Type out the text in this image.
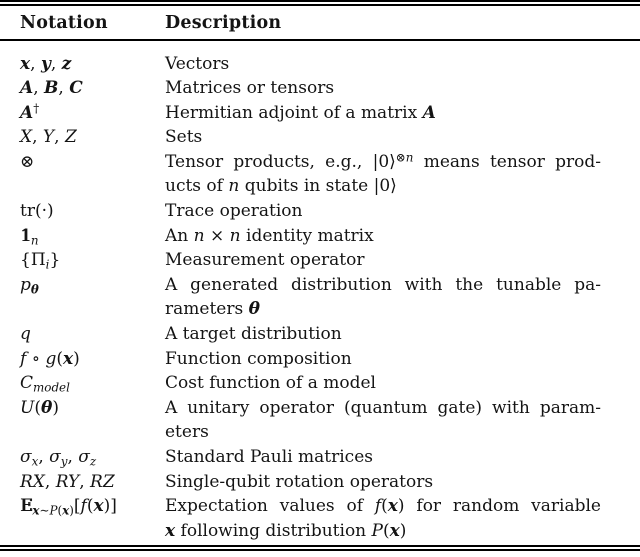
Notation	Description
x, y, z	Vectors
A, B, C	Matrices or tensors
A†	Hermitian adjoint of a matrix A
X, Y, Z	Sets
⊗	Tensor products, e.g., |0⟩$^{\otimes n}$ means tensor prod-
ucts of n qubits in state |0⟩
tr(·)	Trace operation
$1_n$	An n × n identity matrix
$\{\Pi_i\}$	Measurement operator
$p_\theta$	A generated distribution with the tunable pa-
rameters θ
q	A target distribution
f ∘ g(x)	Function composition
$C_{model}$	Cost function of a model
U(θ)	A unitary operator (quantum gate) with param-
eters
$\sigma_x$, $\sigma_y$, $\sigma_z$	Standard Pauli matrices
RX, RY, RZ	Single-qubit rotation operators
$E_{x\sim P(x)}[f(x)]$	Expectation values of f(x) for random variable
x following distribution P(x)
